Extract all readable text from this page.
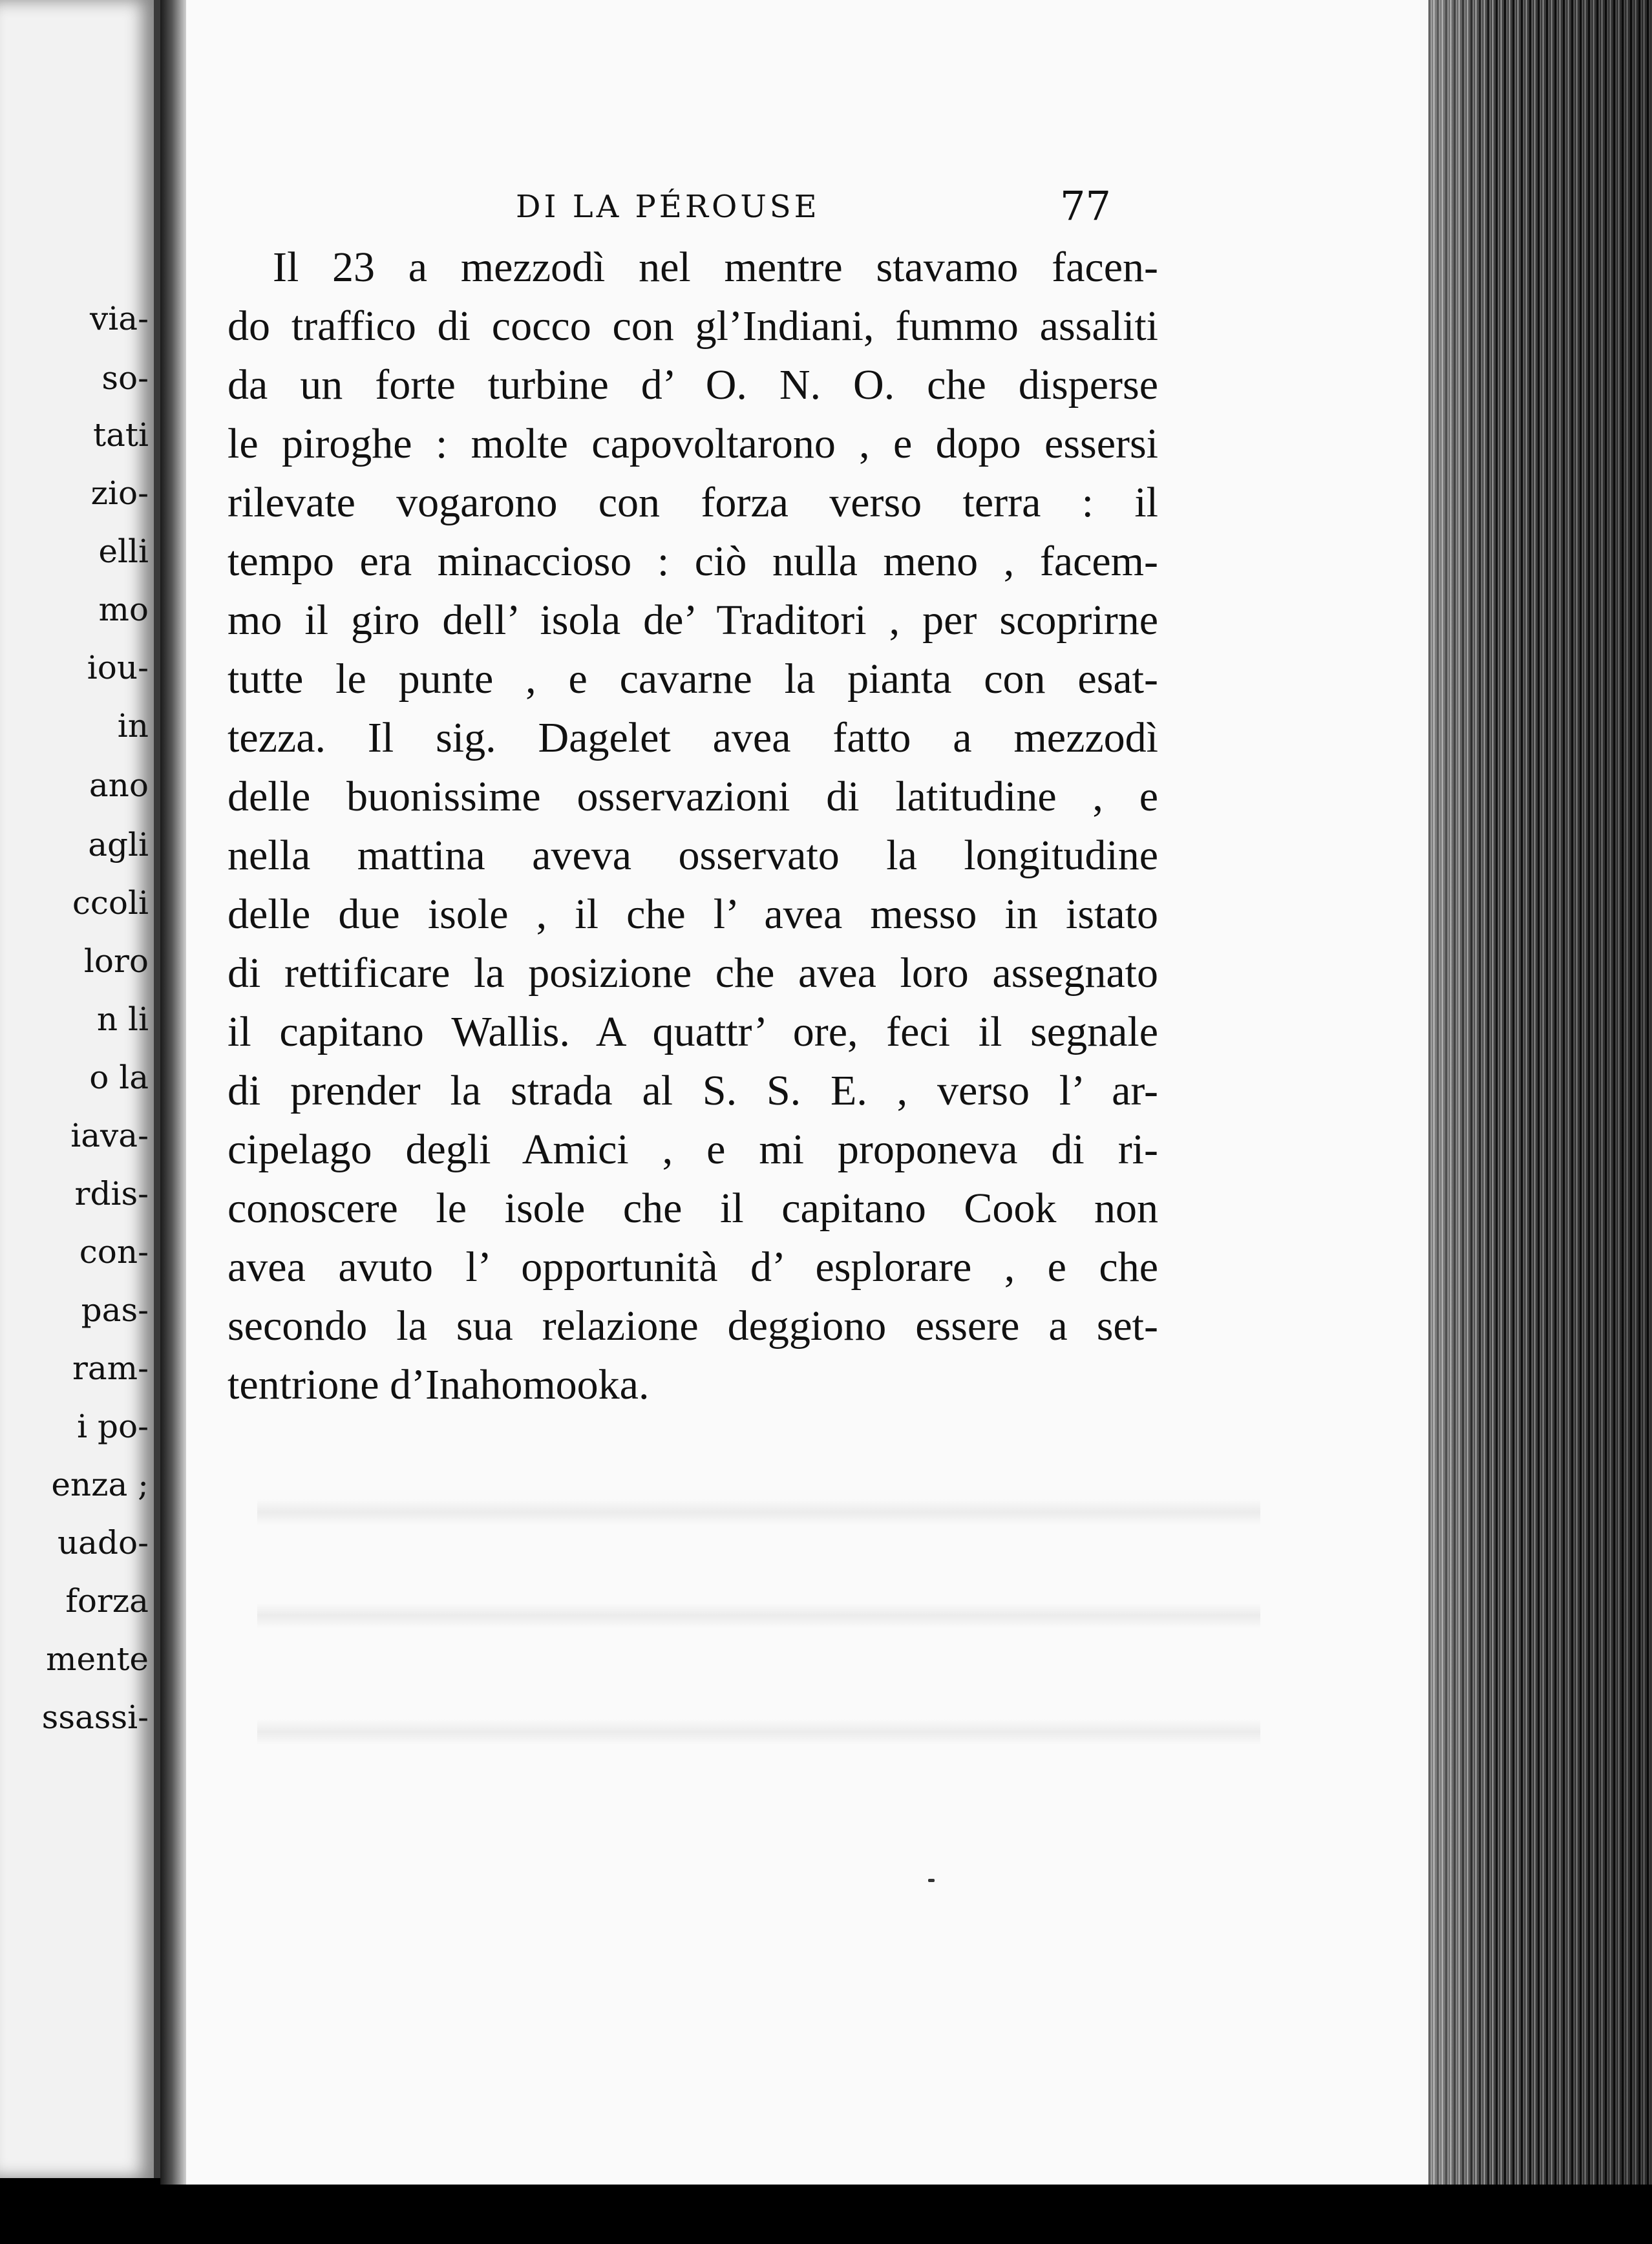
via-
so-
tati
zio-
elli
mo
iou-
in
ano
agli
ccoli
loro
n li
o la
iava-
rdis-
con-
pas-
ram-
i po-
enza ;
uado-
forza
mente
ssassi-
DI LA PÉROUSE	77
Il 23 a mezzodì nel mentre stavamo facen-
do traffico di cocco con gl’Indiani, fummo assaliti
da un forte turbine d’ O. N. O. che disperse
le piroghe : molte capovoltarono , e dopo essersi
rilevate vogarono con forza verso terra : il
tempo era minaccioso : ciò nulla meno , facem-
mo il giro dell’ isola de’ Traditori , per scoprirne
tutte le punte , e cavarne la pianta con esat-
tezza. Il sig. Dagelet avea fatto a mezzodì
delle buonissime osservazioni di latitudine , e
nella mattina aveva osservato la longitudine
delle due isole , il che l’ avea messo in istato
di rettificare la posizione che avea loro assegnato
il capitano Wallis. A quattr’ ore, feci il segnale
di prender la strada al S. S. E. , verso l’ ar-
cipelago degli Amici , e mi proponeva di ri-
conoscere le isole che il capitano Cook non
avea avuto l’ opportunità d’ esplorare , e che
secondo la sua relazione deggiono essere a set-
tentrione d’Inahomooka.
